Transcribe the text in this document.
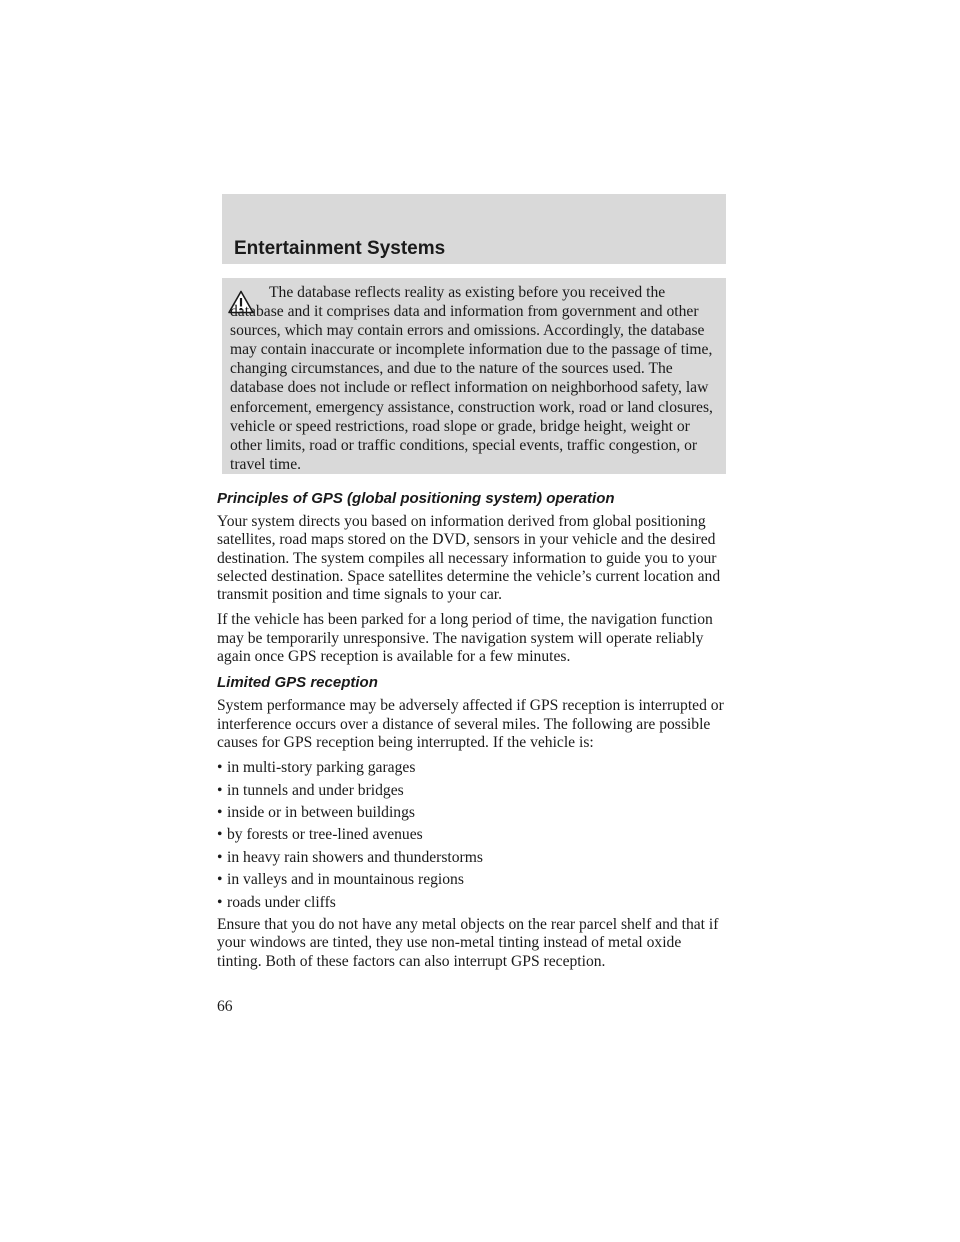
Entertainment Systems

The database reflects reality as existing before you received the database and it comprises data and information from government and other sources, which may contain errors and omissions. Accordingly, the database may contain inaccurate or incomplete information due to the passage of time, changing circumstances, and due to the nature of the sources used. The database does not include or reflect information on neighborhood safety, law enforcement, emergency assistance, construction work, road or land closures, vehicle or speed restrictions, road slope or grade, bridge height, weight or other limits, road or traffic conditions, special events, traffic congestion, or travel time.

Principles of GPS (global positioning system) operation

Your system directs you based on information derived from global positioning satellites, road maps stored on the DVD, sensors in your vehicle and the desired destination. The system compiles all necessary information to guide you to your selected destination. Space satellites determine the vehicle’s current location and transmit position and time signals to your car.

If the vehicle has been parked for a long period of time, the navigation function may be temporarily unresponsive. The navigation system will operate reliably again once GPS reception is available for a few minutes.

Limited GPS reception

System performance may be adversely affected if GPS reception is interrupted or interference occurs over a distance of several miles. The following are possible causes for GPS reception being interrupted. If the vehicle is:

• in multi-story parking garages
• in tunnels and under bridges
• inside or in between buildings
• by forests or tree-lined avenues
• in heavy rain showers and thunderstorms
• in valleys and in mountainous regions
• roads under cliffs

Ensure that you do not have any metal objects on the rear parcel shelf and that if your windows are tinted, they use non-metal tinting instead of metal oxide tinting. Both of these factors can also interrupt GPS reception.

66
